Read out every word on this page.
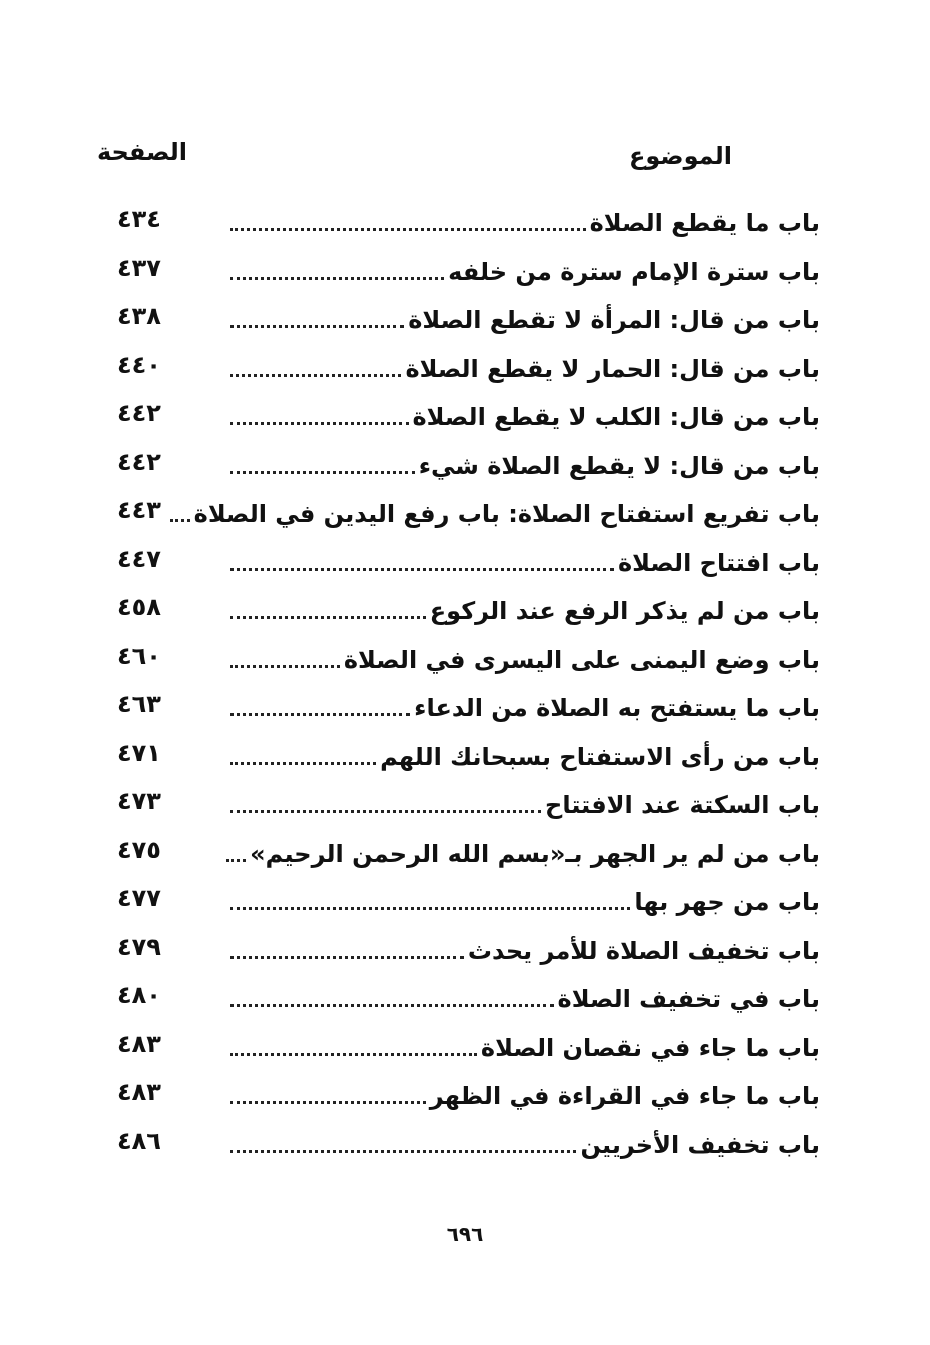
الموضوع
الصفحة
باب ما يقطع الصلاة
٤٣٤
باب سترة الإمام سترة من خلفه
٤٣٧
باب من قال: المرأة لا تقطع الصلاة
٤٣٨
باب من قال: الحمار لا يقطع الصلاة
٤٤٠
باب من قال: الكلب لا يقطع الصلاة
٤٤٢
باب من قال: لا يقطع الصلاة شيء
٤٤٢
باب تفريع استفتاح الصلاة: باب رفع اليدين في الصلاة
٤٤٣
باب افتتاح الصلاة
٤٤٧
باب من لم يذكر الرفع عند الركوع
٤٥٨
باب وضع اليمنى على اليسرى في الصلاة
٤٦٠
باب ما يستفتح به الصلاة من الدعاء
٤٦٣
باب من رأى الاستفتاح بسبحانك اللهم
٤٧١
باب السكتة عند الافتتاح
٤٧٣
باب من لم ير الجهر بـ«بسم الله الرحمن الرحيم»
٤٧٥
باب من جهر بها
٤٧٧
باب تخفيف الصلاة للأمر يحدث
٤٧٩
باب في تخفيف الصلاة
٤٨٠
باب ما جاء في نقصان الصلاة
٤٨٣
باب ما جاء في القراءة في الظهر
٤٨٣
باب تخفيف الأخريين
٤٨٦
٦٩٦
